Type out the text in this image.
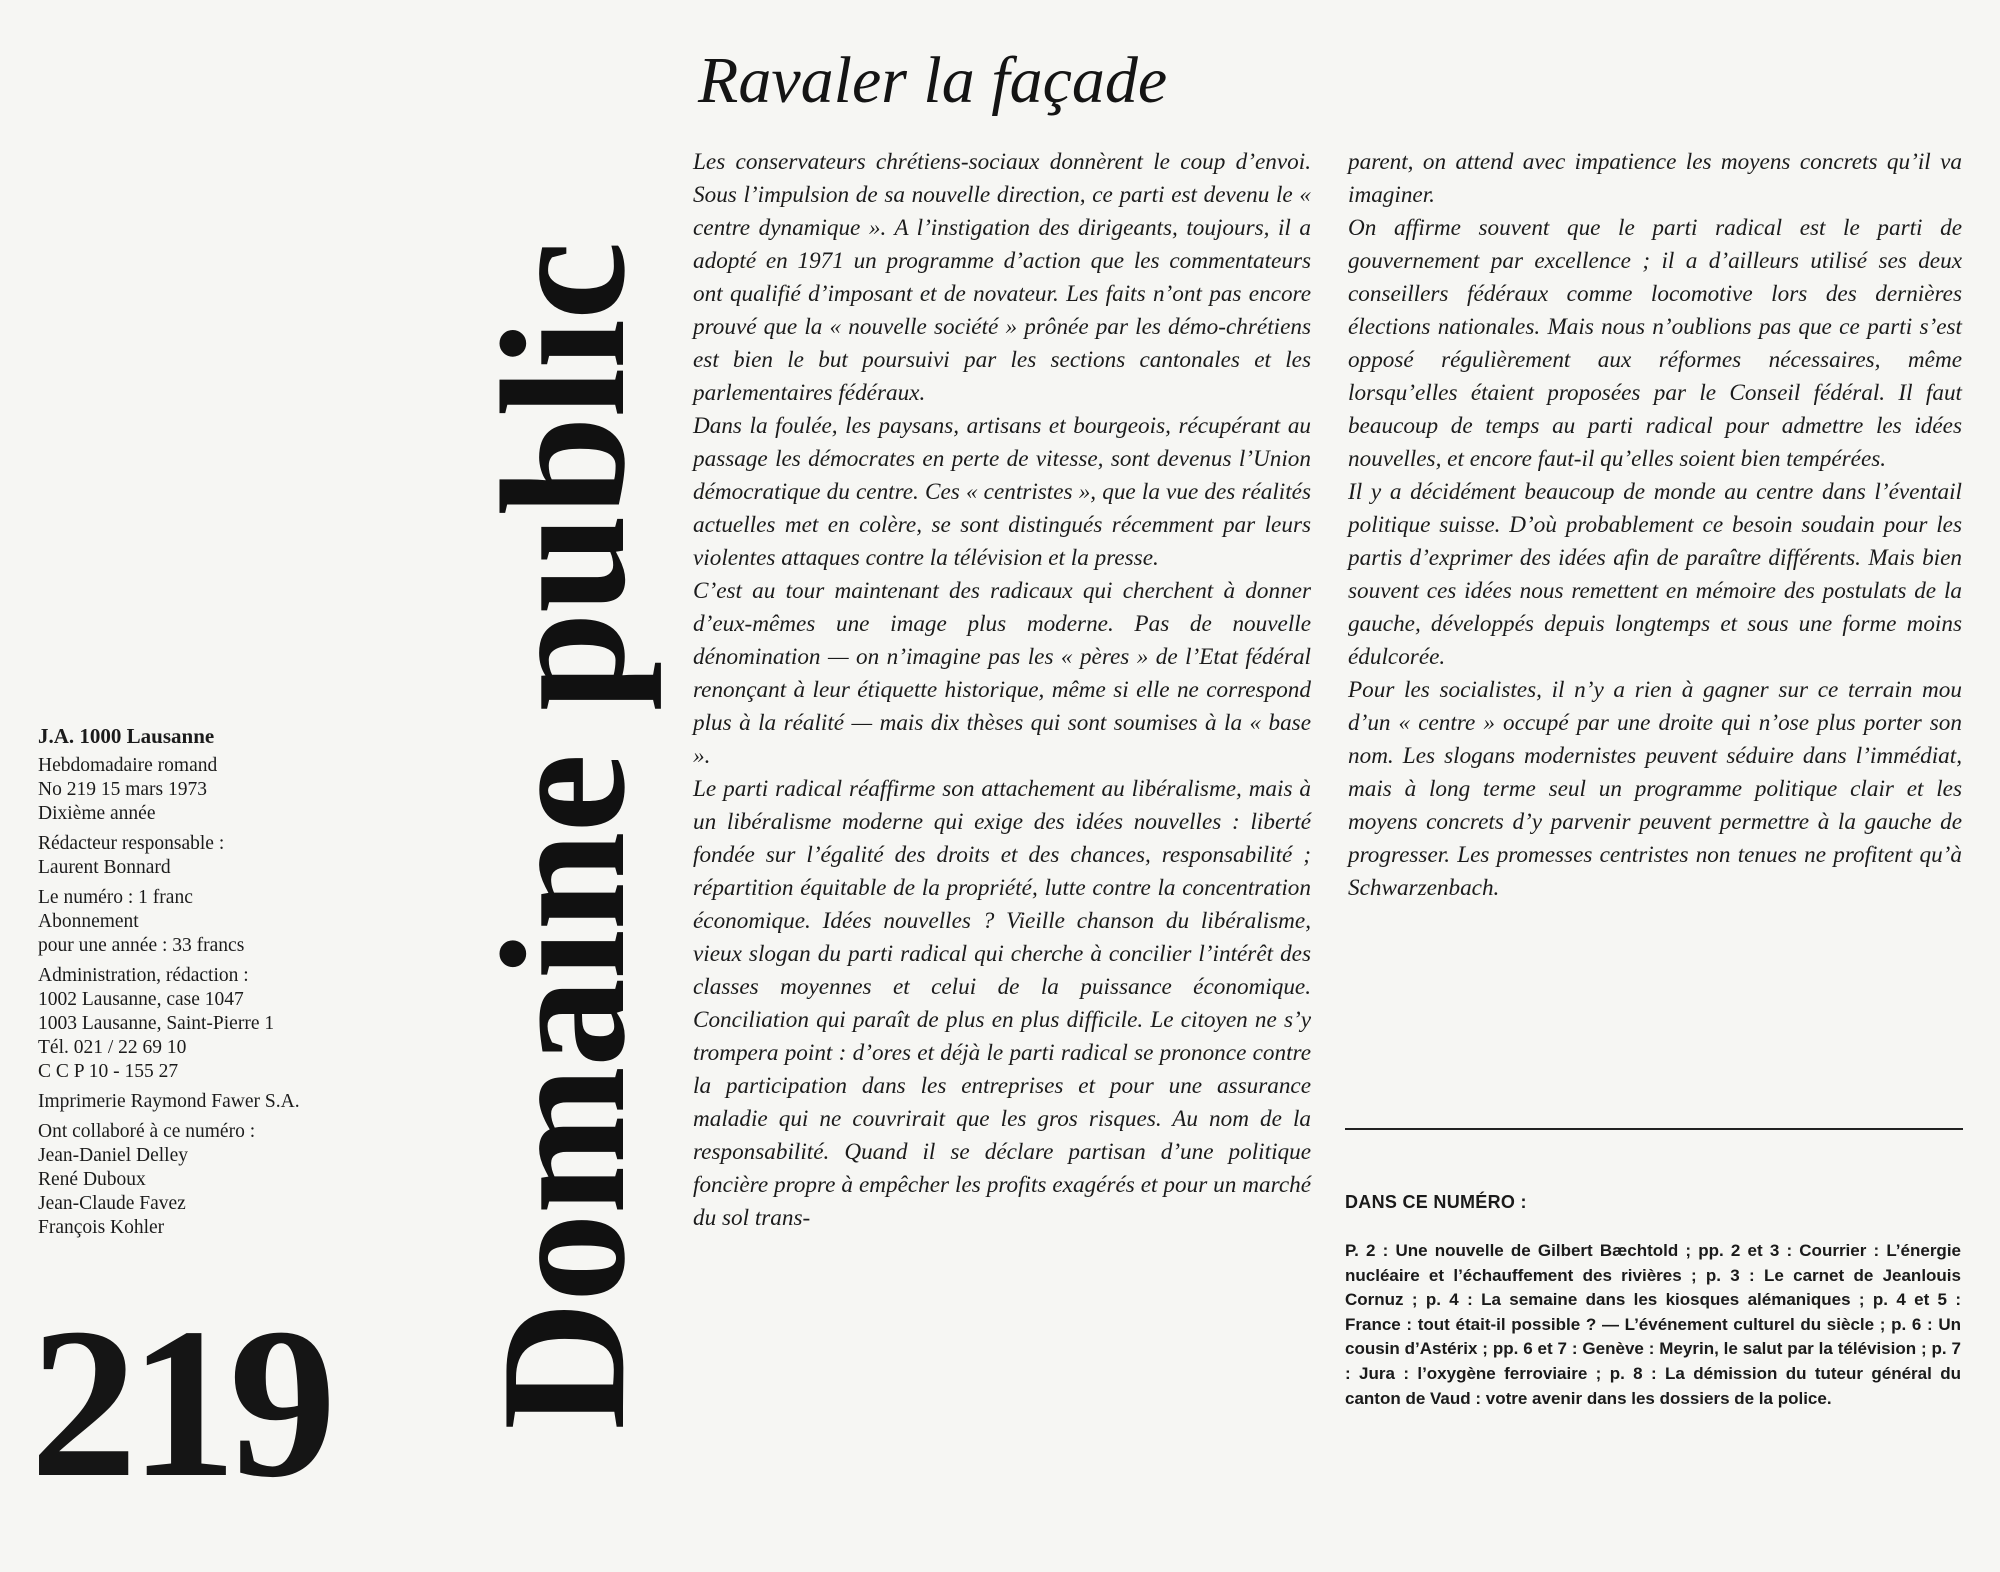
Ravaler la façade
Domaine public

Les conservateurs chrétiens-sociaux donnèrent le coup d’envoi. Sous l’impulsion de sa nouvelle direction, ce parti est devenu le « centre dynamique ». A l’instigation des dirigeants, toujours, il a adopté en 1971 un programme d’action que les commentateurs ont qualifié d’imposant et de novateur. Les faits n’ont pas encore prouvé que la « nouvelle société » prônée par les démo-chrétiens est bien le but poursuivi par les sections cantonales et les parlementaires fédéraux.

Dans la foulée, les paysans, artisans et bourgeois, récupérant au passage les démocrates en perte de vitesse, sont devenus l’Union démocratique du centre. Ces « centristes », que la vue des réalités actuelles met en colère, se sont distingués récemment par leurs violentes attaques contre la télévision et la presse.

C’est au tour maintenant des radicaux qui cherchent à donner d’eux-mêmes une image plus moderne. Pas de nouvelle dénomination — on n’imagine pas les « pères » de l’Etat fédéral renonçant à leur étiquette historique, même si elle ne correspond plus à la réalité — mais dix thèses qui sont soumises à la « base ».

Le parti radical réaffirme son attachement au libéralisme, mais à un libéralisme moderne qui exige des idées nouvelles : liberté fondée sur l’égalité des droits et des chances, responsabilité ; répartition équitable de la propriété, lutte contre la concentration économique. Idées nouvelles ? Vieille chanson du libéralisme, vieux slogan du parti radical qui cherche à concilier l’intérêt des classes moyennes et celui de la puissance économique. Conciliation qui paraît de plus en plus difficile. Le citoyen ne s’y trompera point : d’ores et déjà le parti radical se prononce contre la participation dans les entreprises et pour une assurance maladie qui ne couvrirait que les gros risques. Au nom de la responsabilité. Quand il se déclare partisan d’une politique foncière propre à empêcher les profits exagérés et pour un marché du sol trans-

parent, on attend avec impatience les moyens concrets qu’il va imaginer.

On affirme souvent que le parti radical est le parti de gouvernement par excellence ; il a d’ailleurs utilisé ses deux conseillers fédéraux comme locomotive lors des dernières élections nationales. Mais nous n’oublions pas que ce parti s’est opposé régulièrement aux réformes nécessaires, même lorsqu’elles étaient proposées par le Conseil fédéral. Il faut beaucoup de temps au parti radical pour admettre les idées nouvelles, et encore faut-il qu’elles soient bien tempérées.

Il y a décidément beaucoup de monde au centre dans l’éventail politique suisse. D’où probablement ce besoin soudain pour les partis d’exprimer des idées afin de paraître différents. Mais bien souvent ces idées nous remettent en mémoire des postulats de la gauche, développés depuis longtemps et sous une forme moins édulcorée.

Pour les socialistes, il n’y a rien à gagner sur ce terrain mou d’un « centre » occupé par une droite qui n’ose plus porter son nom. Les slogans modernistes peuvent séduire dans l’immédiat, mais à long terme seul un programme politique clair et les moyens concrets d’y parvenir peuvent permettre à la gauche de progresser. Les promesses centristes non tenues ne profitent qu’à Schwarzenbach.

DANS CE NUMÉRO :

P. 2 : Une nouvelle de Gilbert Bæchtold ; pp. 2 et 3 : Courrier : L’énergie nucléaire et l’échauffement des rivières ; p. 3 : Le carnet de Jeanlouis Cornuz ; p. 4 : La semaine dans les kiosques alémaniques ; p. 4 et 5 : France : tout était-il possible ? — L’événement culturel du siècle ; p. 6 : Un cousin d’Astérix ; pp. 6 et 7 : Genève : Meyrin, le salut par la télévision ; p. 7 : Jura : l’oxygène ferroviaire ; p. 8 : La démission du tuteur général du canton de Vaud : votre avenir dans les dossiers de la police.

J.A. 1000 Lausanne
Hebdomadaire romand
No 219 15 mars 1973
Dixième année
Rédacteur responsable :
Laurent Bonnard
Le numéro : 1 franc
Abonnement
pour une année : 33 francs
Administration, rédaction :
1002 Lausanne, case 1047
1003 Lausanne, Saint-Pierre 1
Tél. 021 / 22 69 10
C C P 10 - 155 27
Imprimerie Raymond Fawer S.A.
Ont collaboré à ce numéro :
Jean-Daniel Delley
René Duboux
Jean-Claude Favez
François Kohler
219
